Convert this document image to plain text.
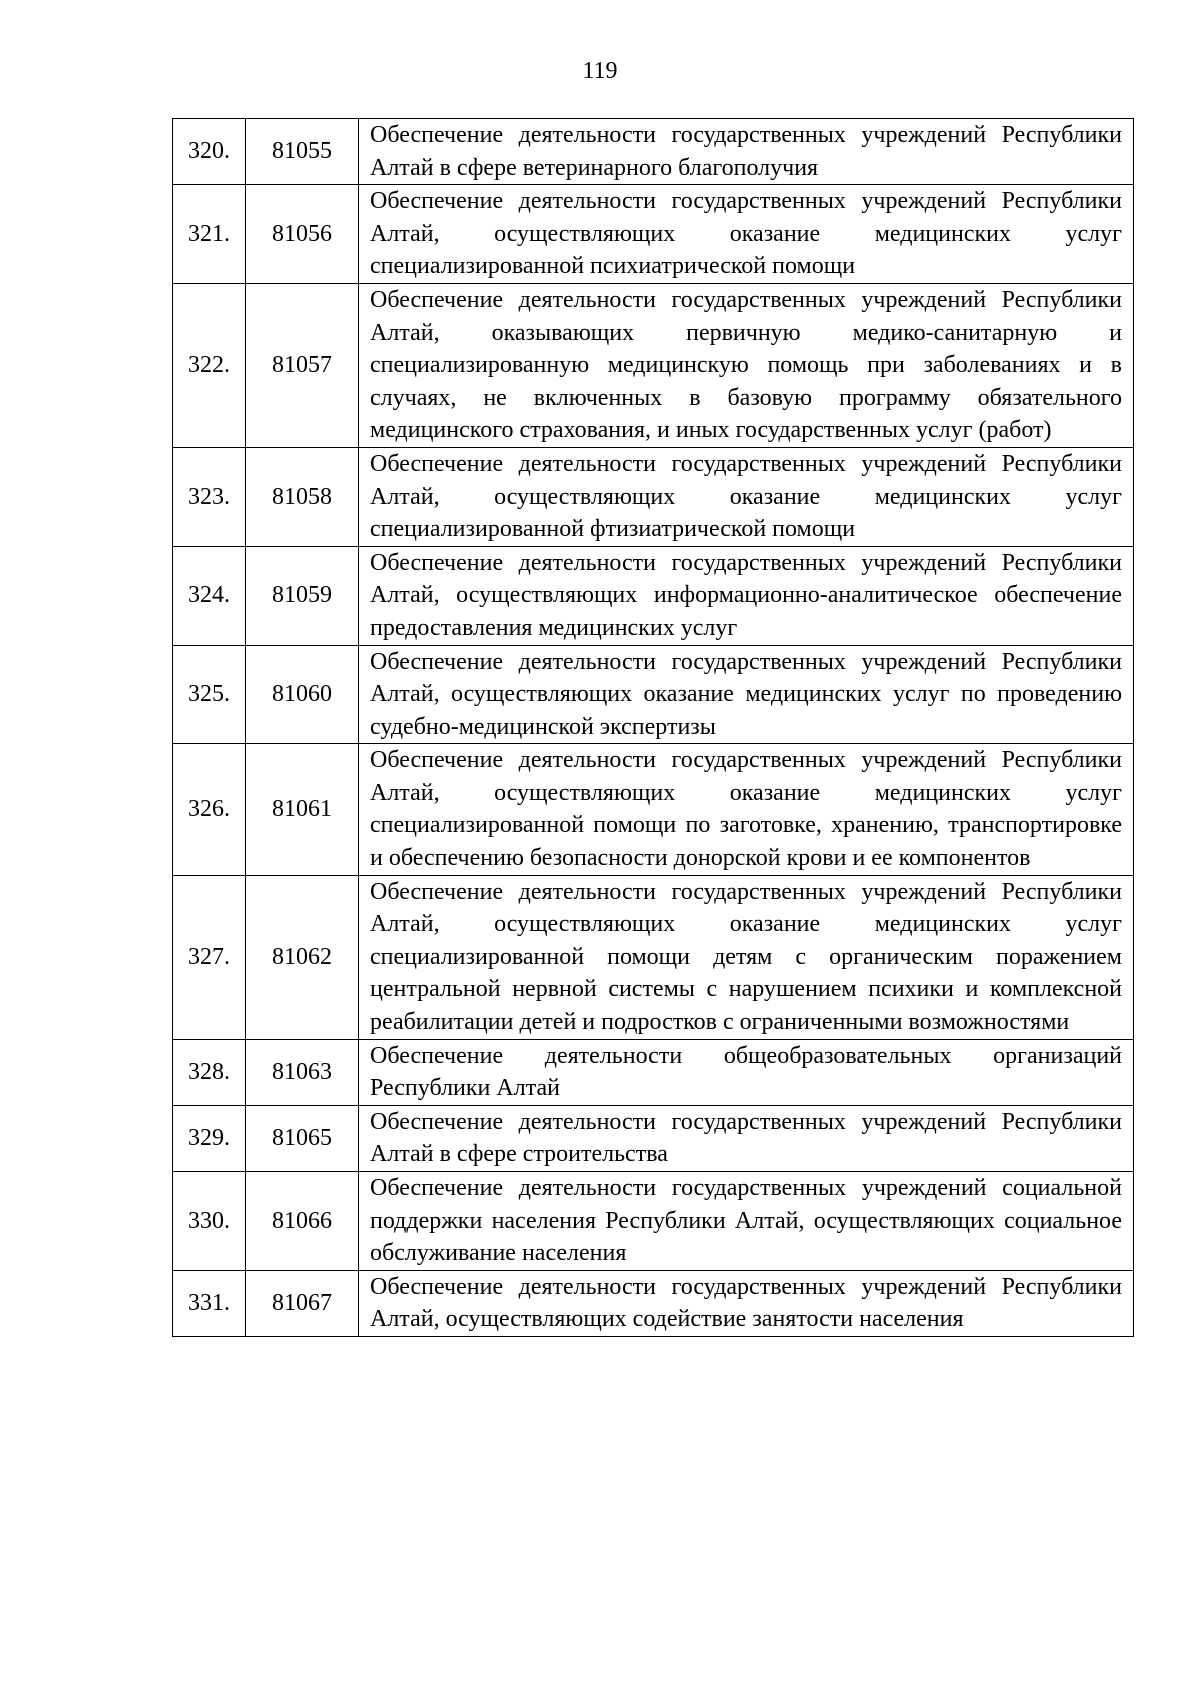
119
320.	81055	Обеспечение деятельности государственных учреждений Республики Алтай в сфере ветеринарного благополучия

321.	81056	Обеспечение деятельности государственных учреждений Республики Алтай, осуществляющих оказание медицинских услуг специализированной психиатрической помощи

322.	81057	Обеспечение деятельности государственных учреждений Республики Алтай, оказывающих первичную медико-санитарную и специализированную медицинскую помощь при заболеваниях и в случаях, не включенных в базовую программу обязательного медицинского страхования, и иных государственных услуг (работ)

323.	81058	Обеспечение деятельности государственных учреждений Республики Алтай, осуществляющих оказание медицинских услуг специализированной фтизиатрической помощи

324.	81059	Обеспечение деятельности государственных учреждений Республики Алтай, осуществляющих информационно-аналитическое обеспечение предоставления медицинских услуг

325.	81060	Обеспечение деятельности государственных учреждений Республики Алтай, осуществляющих оказание медицинских услуг по проведению судебно-медицинской экспертизы

326.	81061	Обеспечение деятельности государственных учреждений Республики Алтай, осуществляющих оказание медицинских услуг специализированной помощи по заготовке, хранению, транспортировке и обеспечению безопасности донорской крови и ее компонентов

327.	81062	Обеспечение деятельности государственных учреждений Республики Алтай, осуществляющих оказание медицинских услуг специализированной помощи детям с органическим поражением центральной нервной системы с нарушением психики и комплексной реабилитации детей и подростков с ограниченными возможностями

328.	81063	Обеспечение деятельности общеобразовательных организаций Республики Алтай

329.	81065	Обеспечение деятельности государственных учреждений Республики Алтай в сфере строительства

330.	81066	Обеспечение деятельности государственных учреждений социальной поддержки населения Республики Алтай, осуществляющих социальное обслуживание населения

331.	81067	Обеспечение деятельности государственных учреждений Республики Алтай, осуществляющих содействие занятости населения
